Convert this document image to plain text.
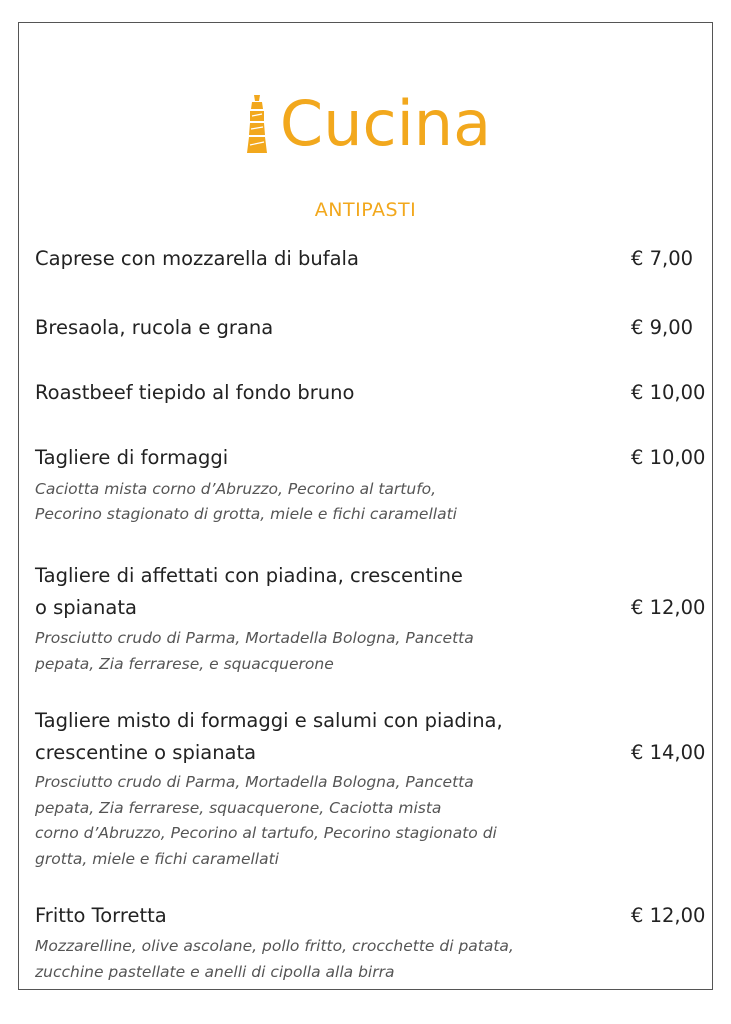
Cucina
ANTIPASTI
Caprese con mozzarella di bufala	€ 7,00
Bresaola, rucola e grana	€ 9,00
Roastbeef tiepido al fondo bruno	€ 10,00
Tagliere di formaggi	€ 10,00
Caciotta mista corno d’Abruzzo, Pecorino al tartufo,
Pecorino stagionato di grotta, miele e fichi caramellati
Tagliere di affettati con piadina, crescentine
o spianata	€ 12,00
Prosciutto crudo di Parma, Mortadella Bologna, Pancetta
pepata, Zia ferrarese, e squacquerone
Tagliere misto di formaggi e salumi con piadina,
crescentine o spianata	€ 14,00
Prosciutto crudo di Parma, Mortadella Bologna, Pancetta
pepata, Zia ferrarese, squacquerone, Caciotta mista
corno d’Abruzzo, Pecorino al tartufo, Pecorino stagionato di
grotta, miele e fichi caramellati
Fritto Torretta	€ 12,00
Mozzarelline, olive ascolane, pollo fritto, crocchette di patata,
zucchine pastellate e anelli di cipolla alla birra
